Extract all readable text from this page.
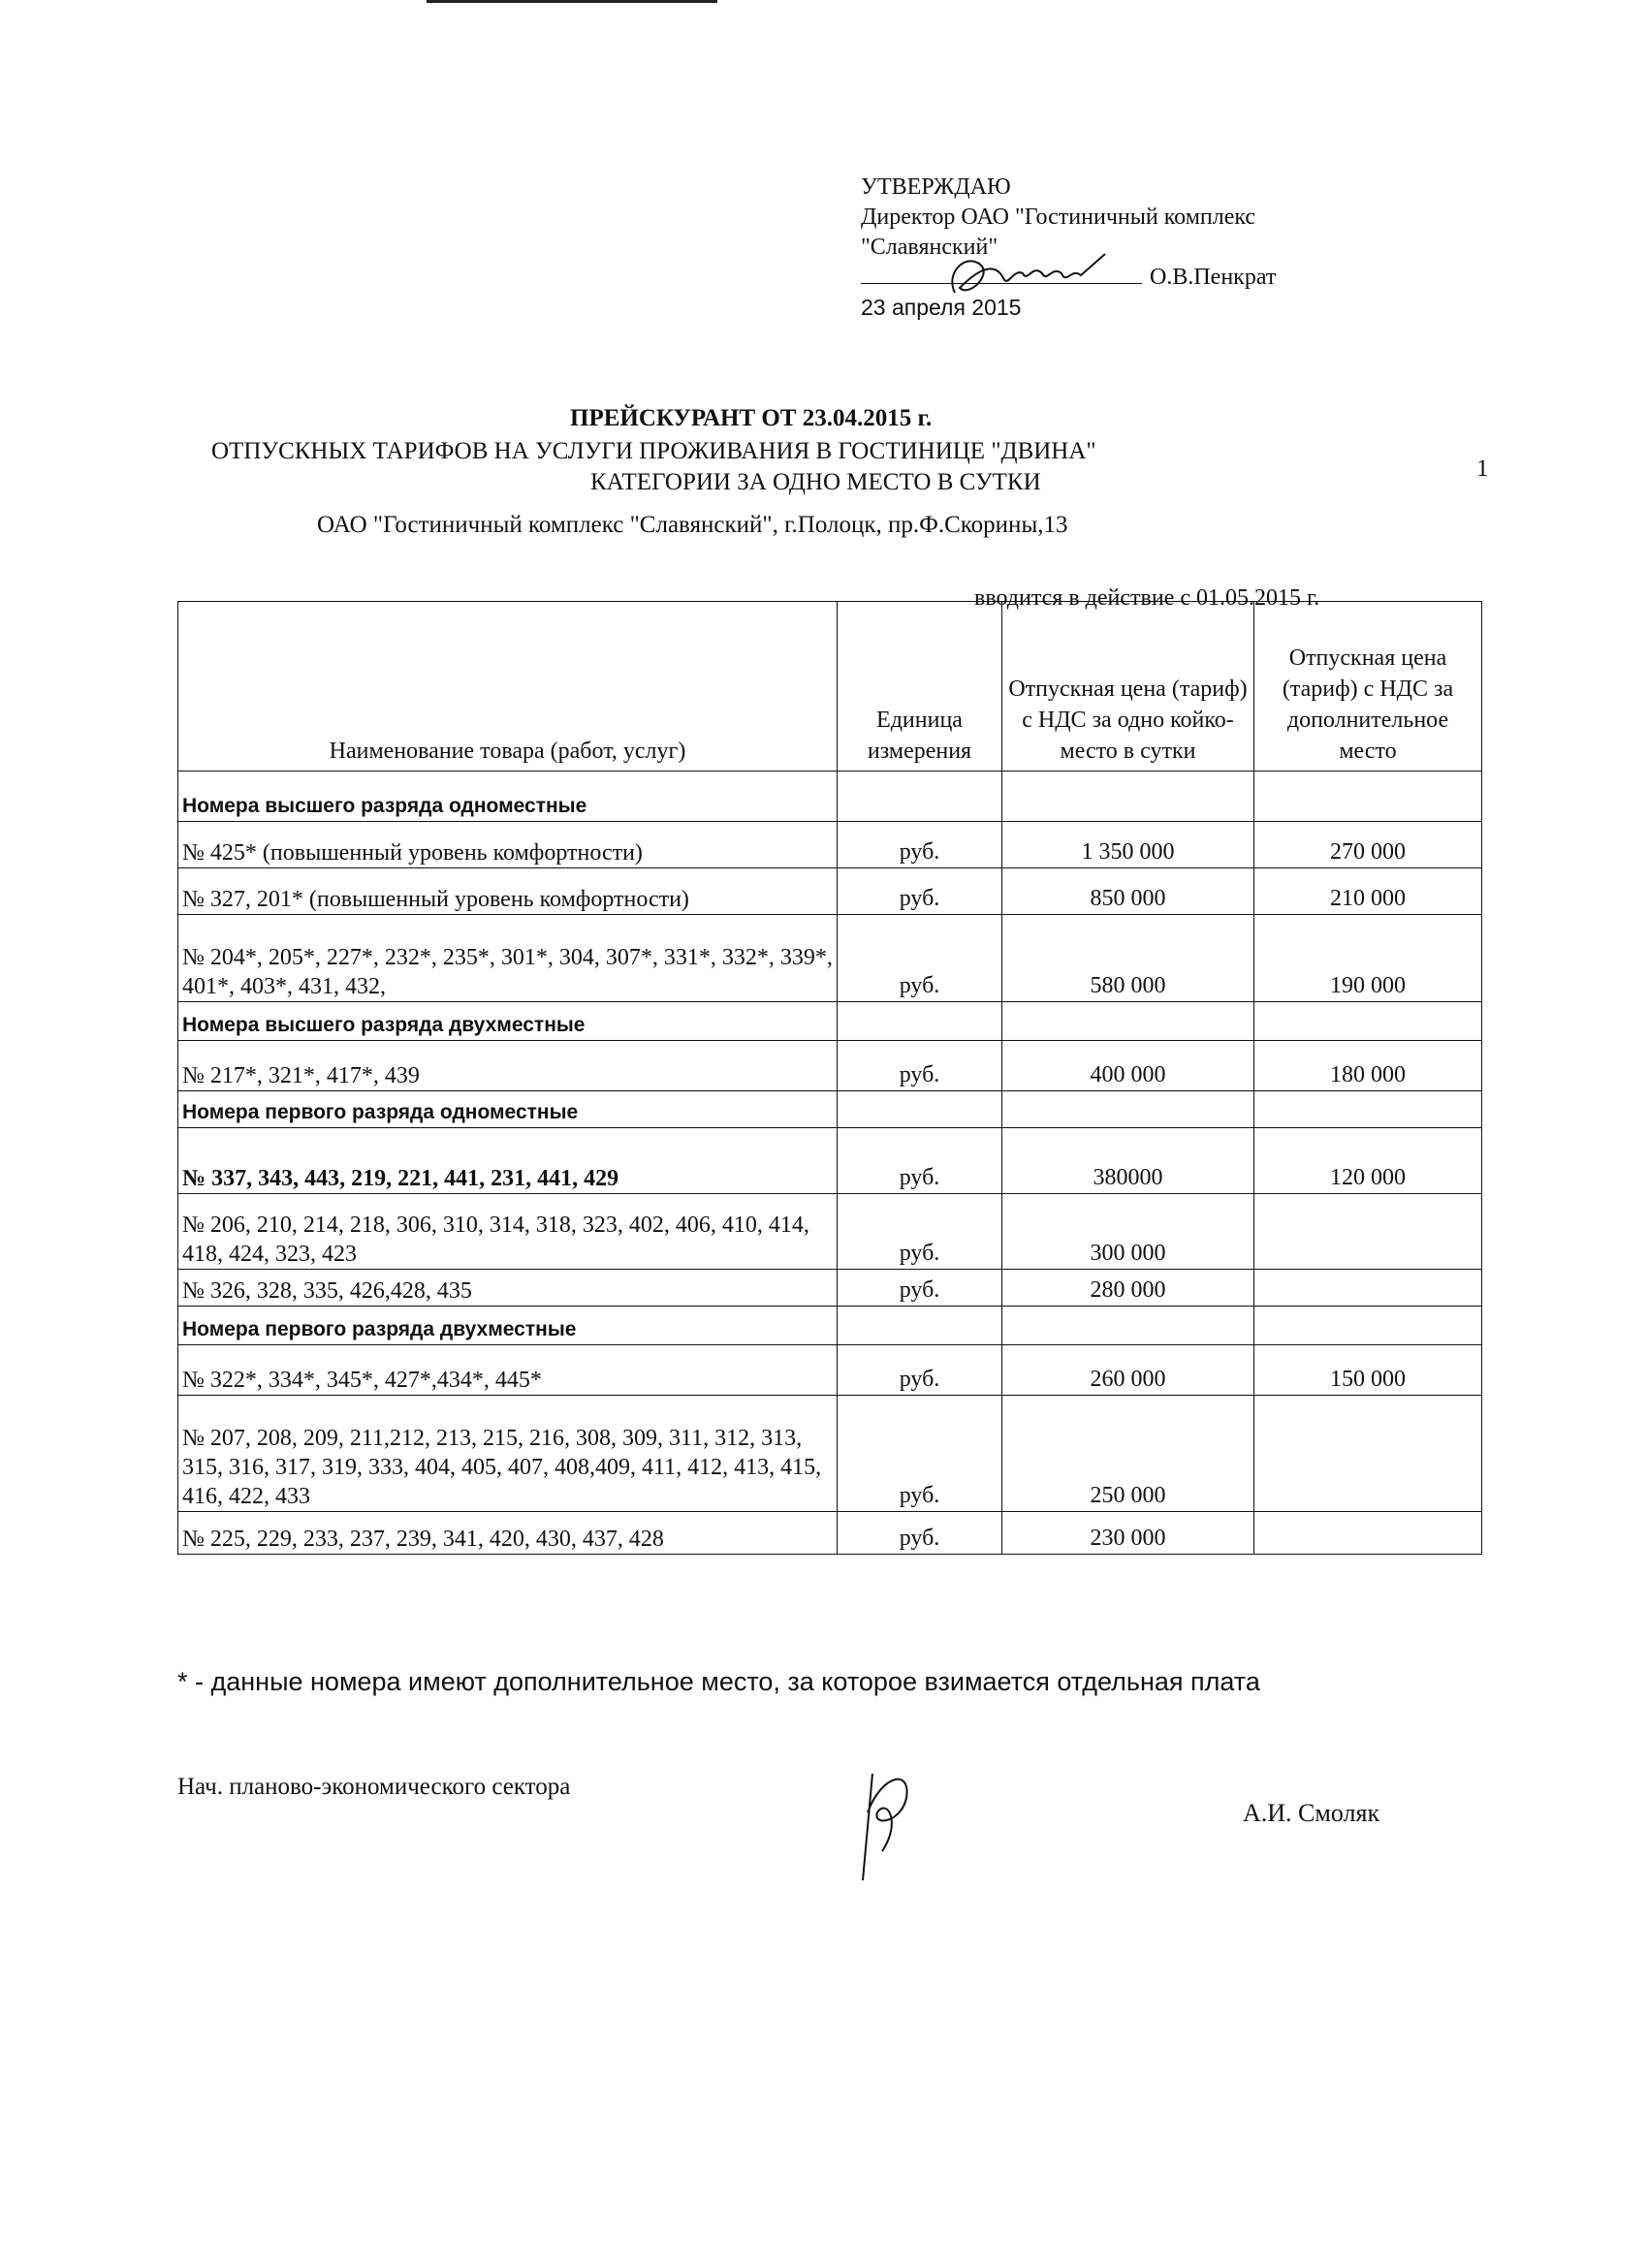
УТВЕРЖДАЮ
Директор ОАО "Гостиничный комплекс
"Славянский"
О.В.Пенкрат
23 апреля 2015
1
ПРЕЙСКУРАНТ ОТ 23.04.2015 г.
ОТПУСКНЫХ ТАРИФОВ НА УСЛУГИ ПРОЖИВАНИЯ В ГОСТИНИЦЕ "ДВИНА"
КАТЕГОРИИ ЗА ОДНО МЕСТО В СУТКИ
ОАО "Гостиничный комплекс "Славянский", г.Полоцк, пр.Ф.Скорины,13
вводится в действие с 01.05.2015 г.
Наименование товара (работ, услуг)	Единица измерения	Отпускная цена (тариф) с НДС за одно койко-место в сутки	Отпускная цена (тариф) с НДС за дополнительное место
Номера высшего разряда одноместные			
№ 425* (повышенный уровень комфортности)	руб.	1 350 000	270 000
№ 327, 201* (повышенный уровень комфортности)	руб.	850 000	210 000
№ 204*, 205*, 227*, 232*, 235*, 301*, 304, 307*, 331*, 332*, 339*, 401*, 403*, 431, 432,	руб.	580 000	190 000
Номера высшего разряда двухместные			
№ 217*, 321*, 417*, 439	руб.	400 000	180 000
Номера первого разряда одноместные			
№ 337, 343, 443, 219, 221, 441, 231, 441, 429	руб.	380000	120 000
№ 206, 210, 214, 218, 306, 310, 314, 318, 323, 402, 406, 410, 414, 418, 424, 323, 423	руб.	300 000	
№ 326, 328, 335, 426,428, 435	руб.	280 000	
Номера первого разряда двухместные			
№ 322*, 334*, 345*, 427*,434*, 445*	руб.	260 000	150 000
№ 207, 208, 209, 211,212, 213, 215, 216, 308, 309, 311, 312, 313, 315, 316, 317, 319, 333, 404, 405, 407, 408,409, 411, 412, 413, 415, 416, 422, 433	руб.	250 000	
№ 225, 229, 233, 237, 239, 341, 420, 430, 437, 428	руб.	230 000	
* - данные номера имеют дополнительное место, за которое взимается отдельная плата
Нач. планово-экономического сектора
А.И. Смоляк
